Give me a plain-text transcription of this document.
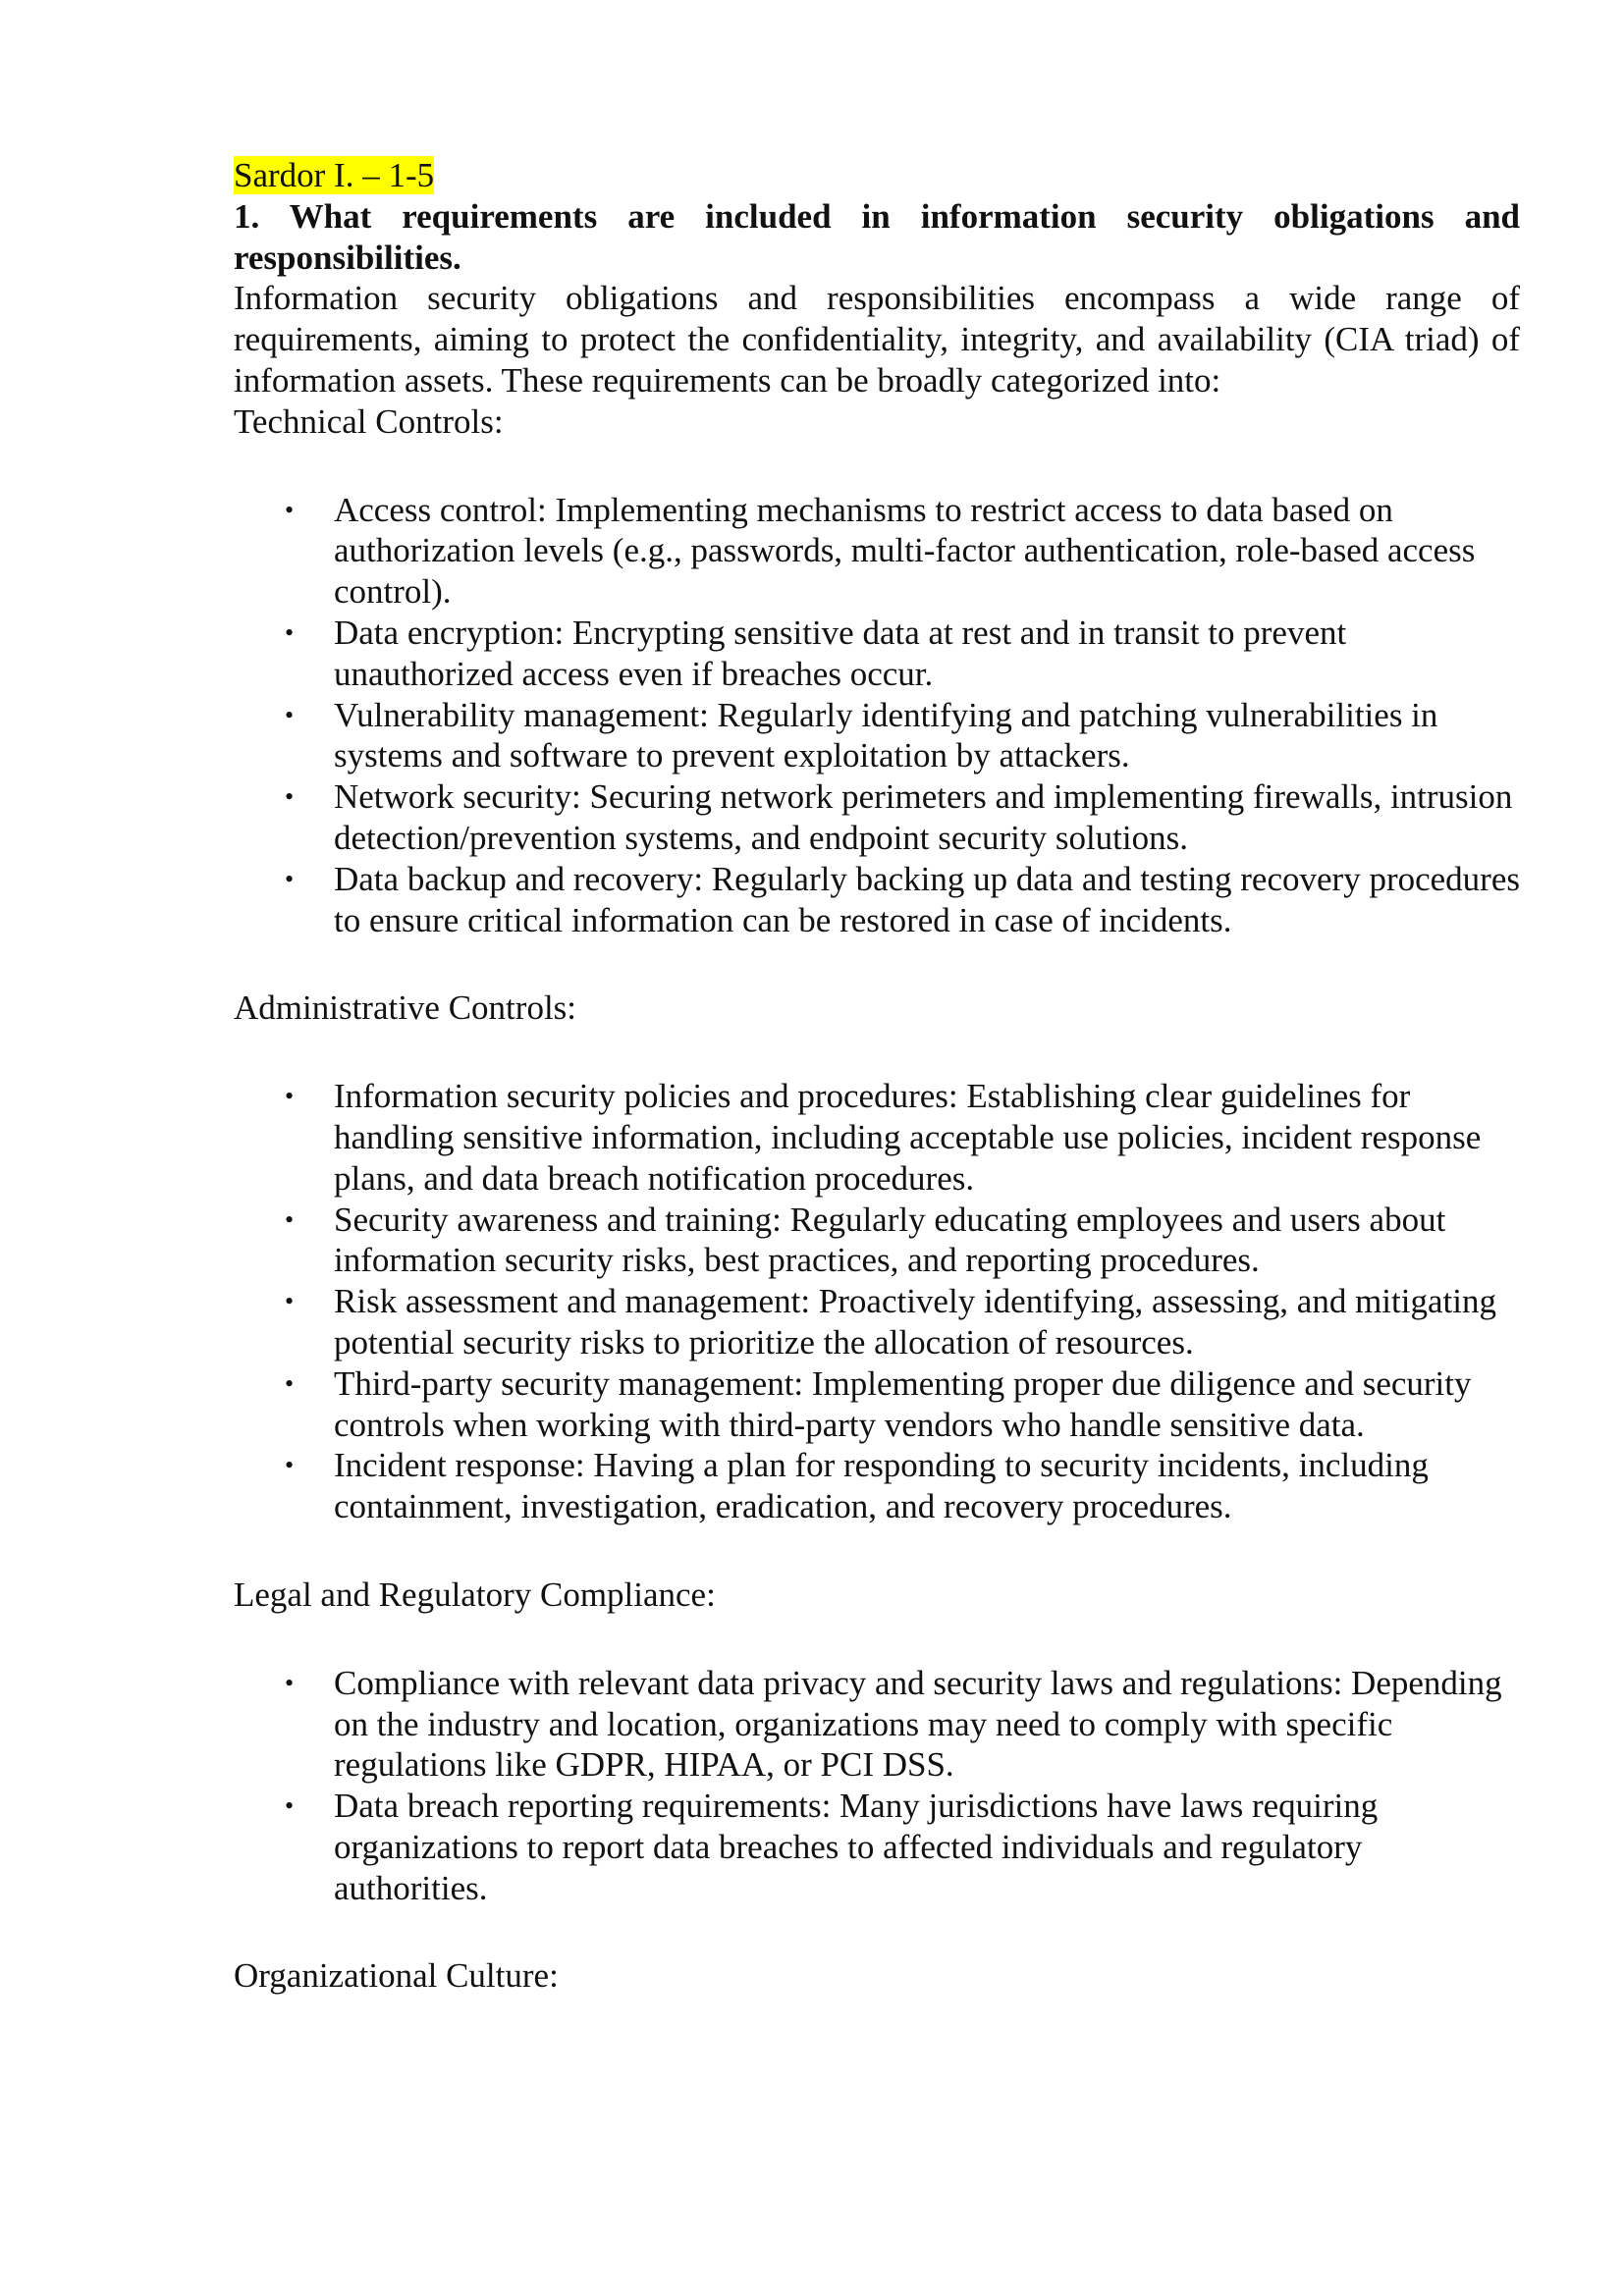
Sardor I. – 1-5

1. What requirements are included in information security obligations and
responsibilities.

Information security obligations and responsibilities encompass a wide range of requirements, aiming to protect the confidentiality, integrity, and availability (CIA triad) of information assets. These requirements can be broadly categorized into:

Technical Controls:

• Access control: Implementing mechanisms to restrict access to data based on authorization levels (e.g., passwords, multi-factor authentication, role-based access control).
• Data encryption: Encrypting sensitive data at rest and in transit to prevent unauthorized access even if breaches occur.
• Vulnerability management: Regularly identifying and patching vulnerabilities in systems and software to prevent exploitation by attackers.
• Network security: Securing network perimeters and implementing firewalls, intrusion detection/prevention systems, and endpoint security solutions.
• Data backup and recovery: Regularly backing up data and testing recovery procedures to ensure critical information can be restored in case of incidents.

Administrative Controls:

• Information security policies and procedures: Establishing clear guidelines for handling sensitive information, including acceptable use policies, incident response plans, and data breach notification procedures.
• Security awareness and training: Regularly educating employees and users about information security risks, best practices, and reporting procedures.
• Risk assessment and management: Proactively identifying, assessing, and mitigating potential security risks to prioritize the allocation of resources.
• Third-party security management: Implementing proper due diligence and security controls when working with third-party vendors who handle sensitive data.
• Incident response: Having a plan for responding to security incidents, including containment, investigation, eradication, and recovery procedures.

Legal and Regulatory Compliance:

• Compliance with relevant data privacy and security laws and regulations: Depending on the industry and location, organizations may need to comply with specific regulations like GDPR, HIPAA, or PCI DSS.
• Data breach reporting requirements: Many jurisdictions have laws requiring organizations to report data breaches to affected individuals and regulatory authorities.

Organizational Culture:
